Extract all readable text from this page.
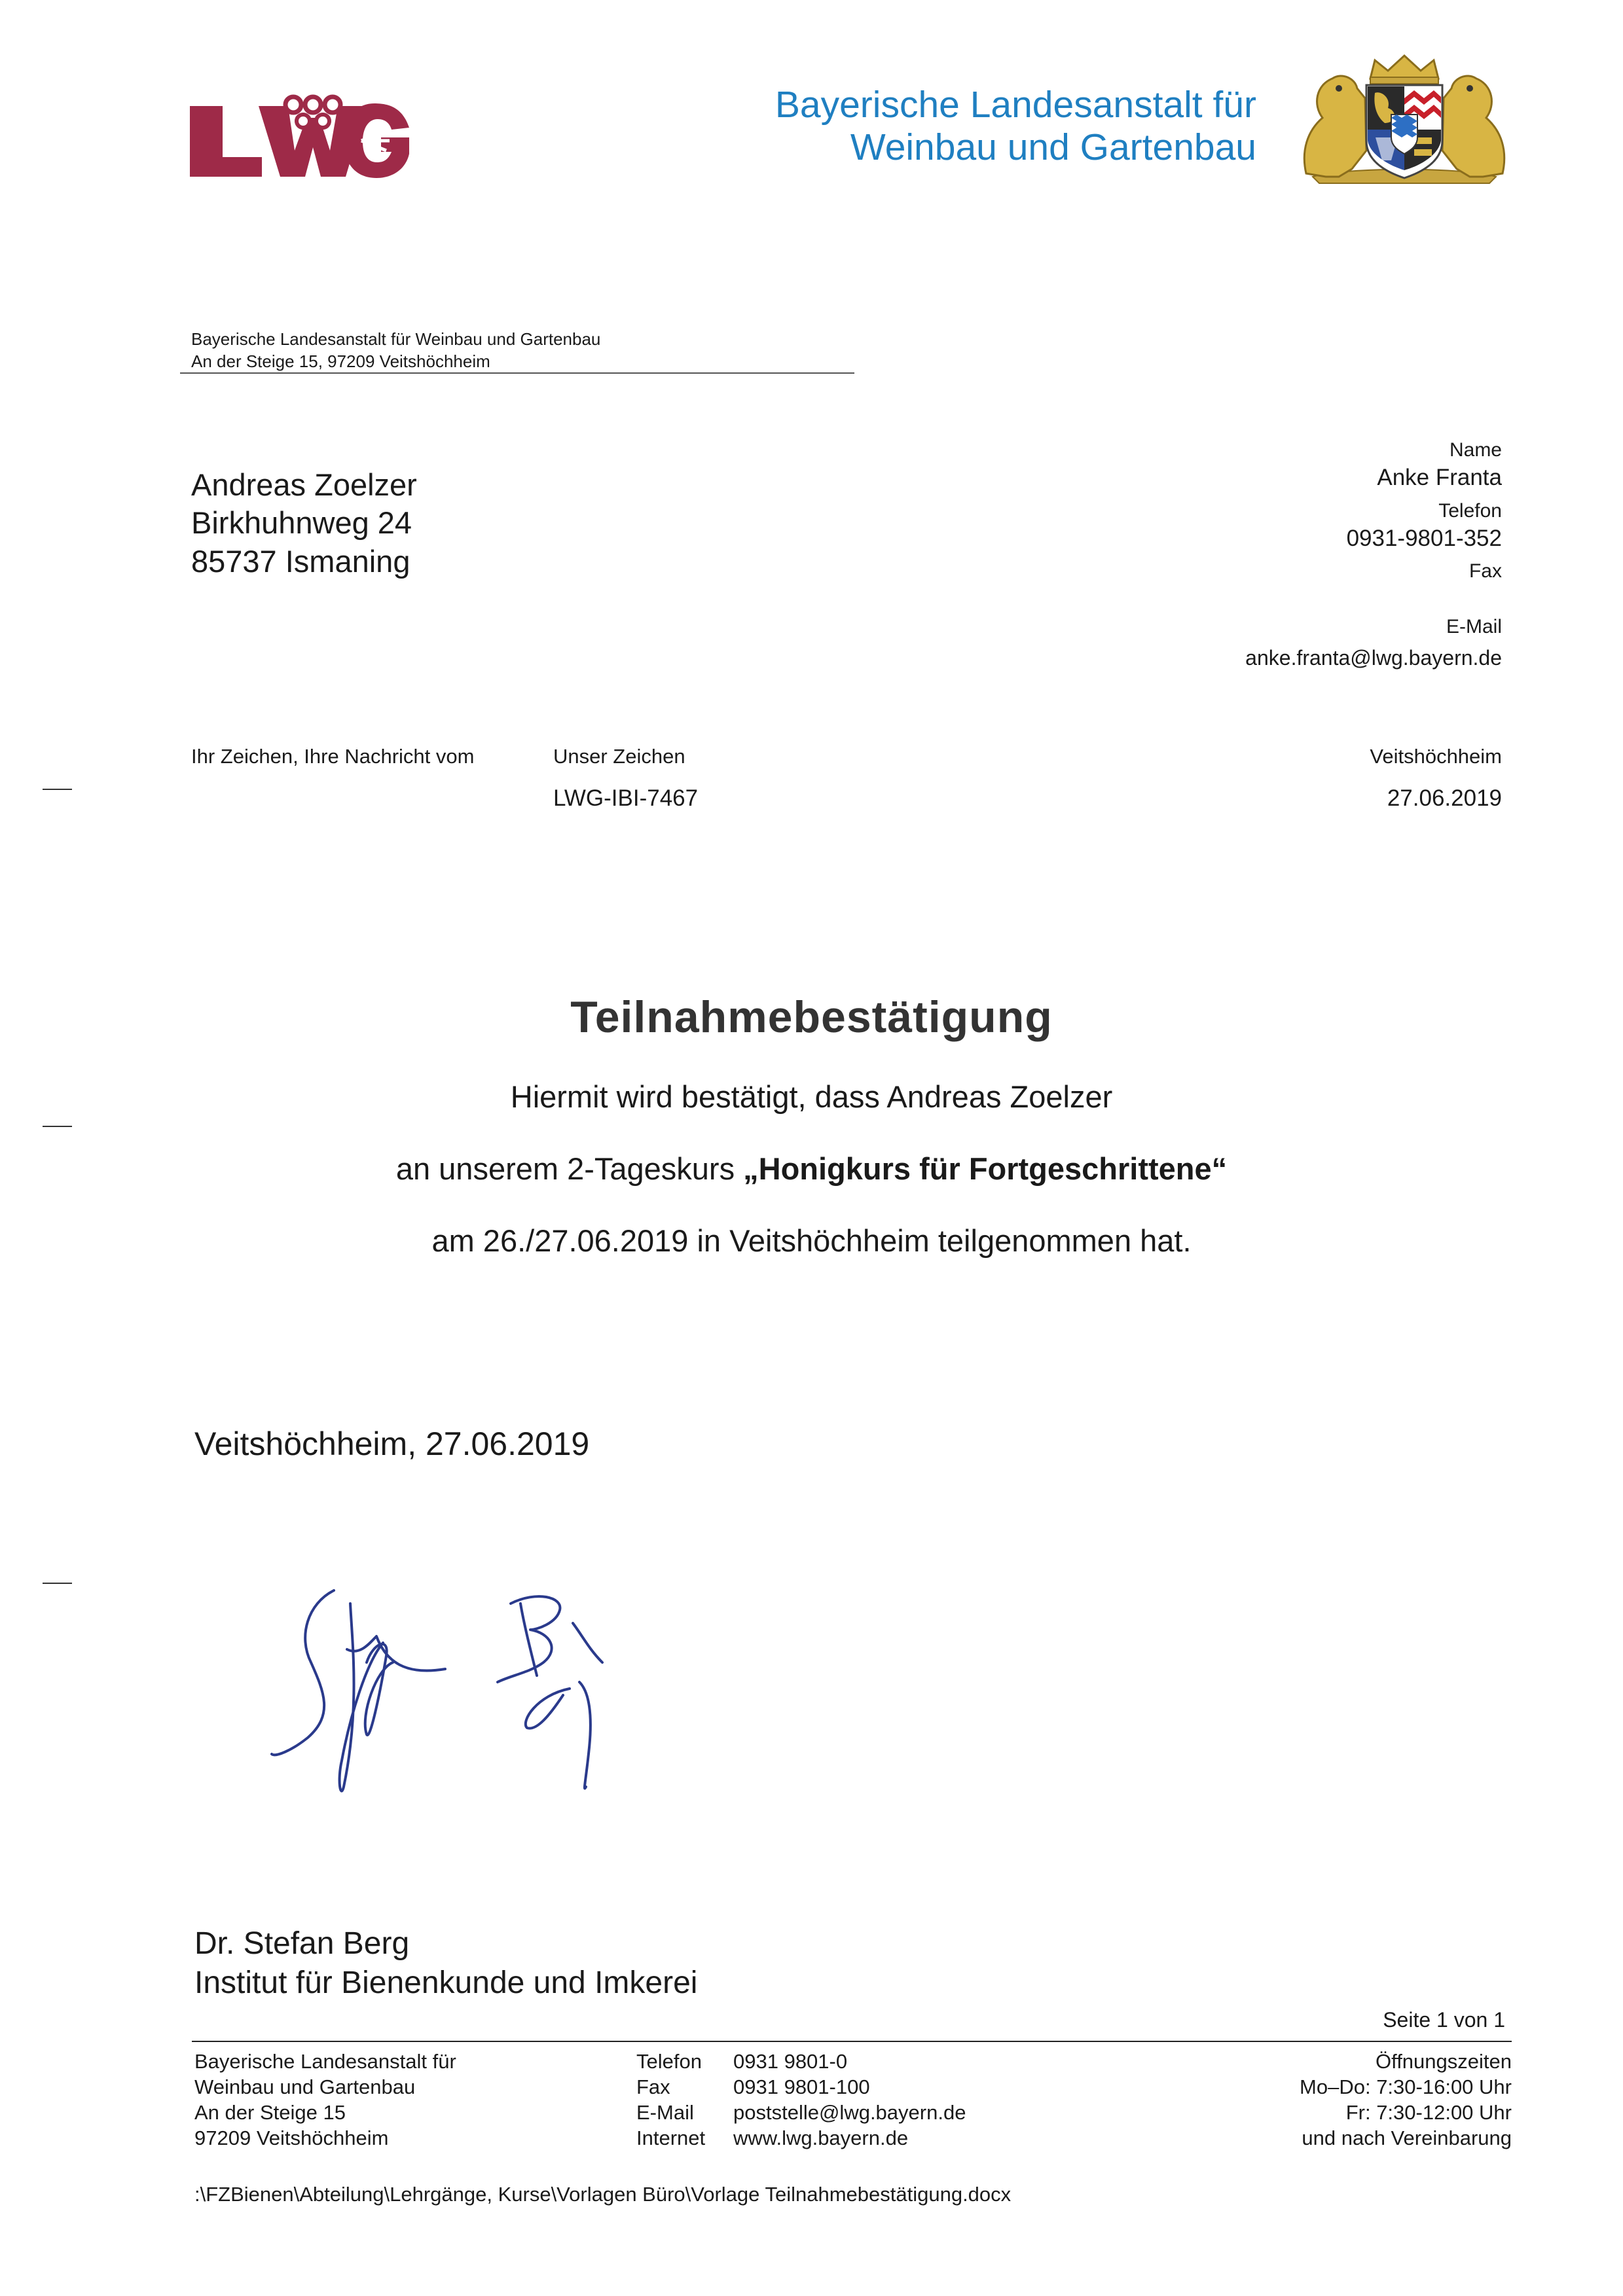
Bayerische Landesanstalt für
Weinbau und Gartenbau
Bayerische Landesanstalt für Weinbau und Gartenbau
An der Steige 15, 97209 Veitshöchheim
Andreas Zoelzer
Birkhuhnweg 24
85737 Ismaning
Name
Anke Franta
Telefon
0931-9801-352
Fax
E-Mail
anke.franta@lwg.bayern.de
Ihr Zeichen, Ihre Nachricht vom	Unser Zeichen
LWG-IBI-7467
Veitshöchheim
27.06.2019
Teilnahmebestätigung
Hiermit wird bestätigt, dass Andreas Zoelzer
an unserem 2-Tageskurs „Honigkurs für Fortgeschrittene“
am 26./27.06.2019 in Veitshöchheim teilgenommen hat.
Veitshöchheim, 27.06.2019
Dr. Stefan Berg
Institut für Bienenkunde und Imkerei
Seite 1 von 1
Bayerische Landesanstalt für
Weinbau und Gartenbau
An der Steige 15
97209 Veitshöchheim
Telefon
Fax
E-Mail
Internet
0931 9801-0
0931 9801-100
poststelle@lwg.bayern.de
www.lwg.bayern.de
Öffnungszeiten
Mo–Do: 7:30-16:00 Uhr
Fr: 7:30-12:00 Uhr
und nach Vereinbarung
:\FZBienen\Abteilung\Lehrgänge, Kurse\Vorlagen Büro\Vorlage Teilnahmebestätigung.docx
